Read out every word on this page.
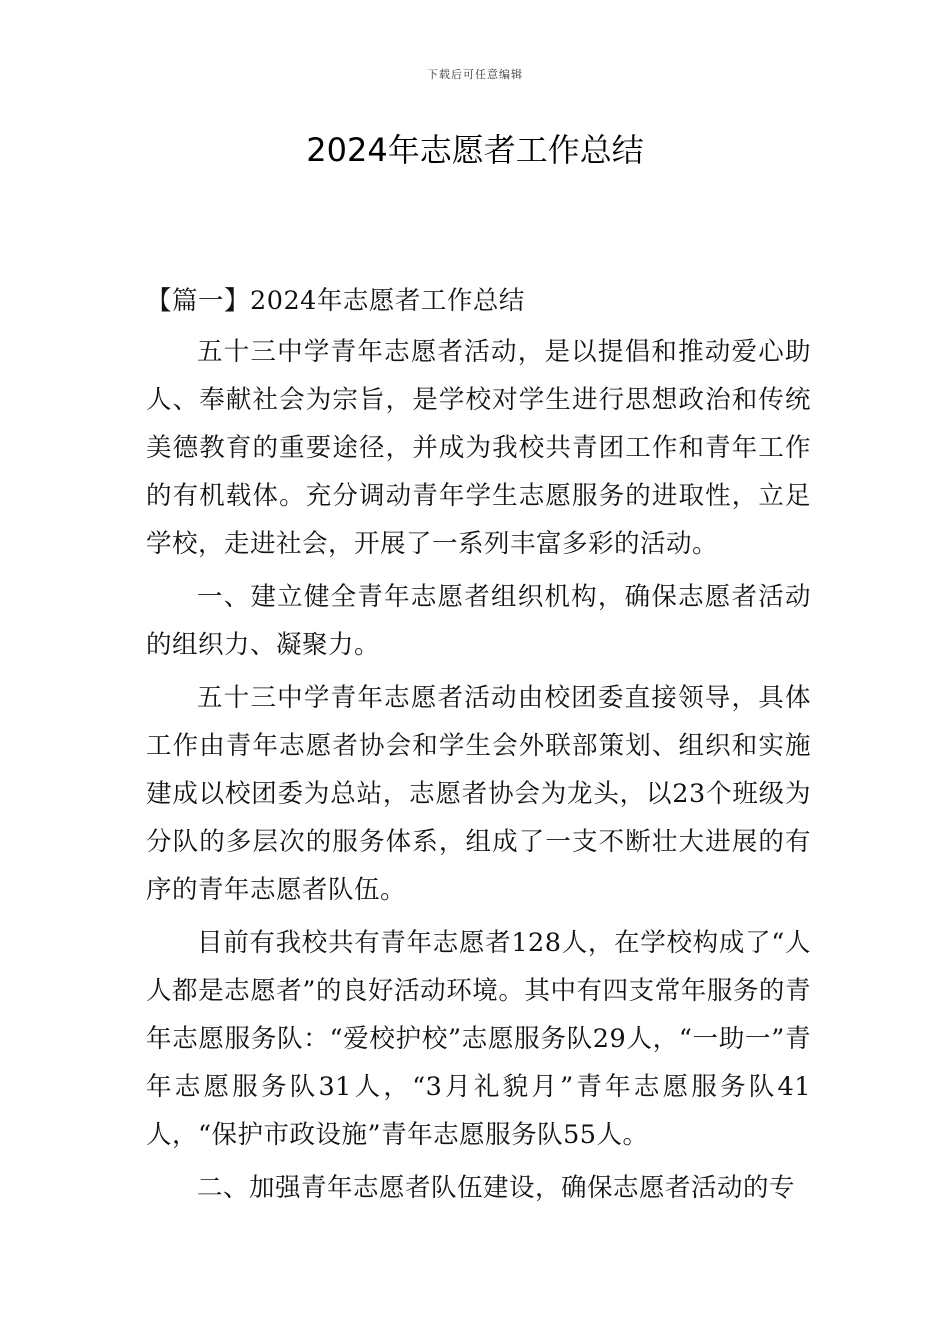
下载后可任意编辑
2024年志愿者工作总结

【篇一】2024年志愿者工作总结

五十三中学青年志愿者活动，是以提倡和推动爱心助人、奉献社会为宗旨，是学校对学生进行思想政治和传统美德教育的重要途径，并成为我校共青团工作和青年工作的有机载体。充分调动青年学生志愿服务的进取性，立足学校，走进社会，开展了一系列丰富多彩的活动。

一、建立健全青年志愿者组织机构，确保志愿者活动的组织力、凝聚力。

五十三中学青年志愿者活动由校团委直接领导，具体工作由青年志愿者协会和学生会外联部策划、组织和实施建成以校团委为总站，志愿者协会为龙头，以23个班级为分队的多层次的服务体系，组成了一支不断壮大进展的有序的青年志愿者队伍。

目前有我校共有青年志愿者128人，在学校构成了“人人都是志愿者”的良好活动环境。其中有四支常年服务的青年志愿服务队：“爱校护校”志愿服务队29人，“一助一”青年志愿服务队31人，“3月礼貌月”青年志愿服务队41人，“保护市政设施”青年志愿服务队55人。

二、加强青年志愿者队伍建设，确保志愿者活动的专
